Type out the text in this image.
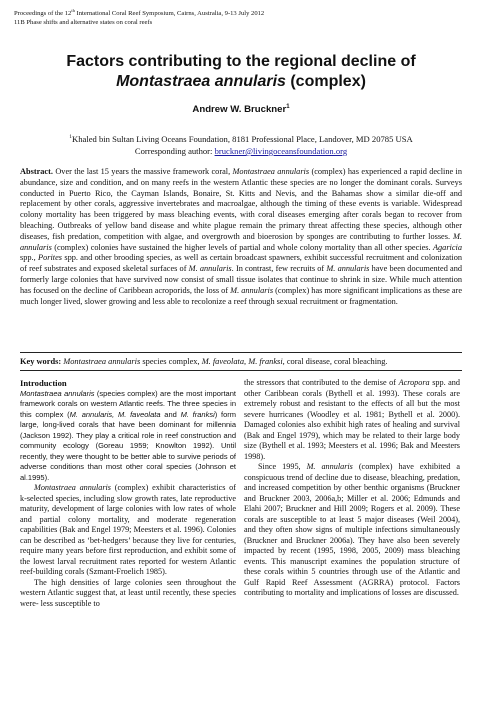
Proceedings of the 12th International Coral Reef Symposium, Cairns, Australia, 9-13 July 2012
11B Phase shifts and alternative states on coral reefs
Factors contributing to the regional decline of
Montastraea annularis (complex)
Andrew W. Bruckner$^1$
$^1$Khaled bin Sultan Living Oceans Foundation, 8181 Professional Place, Landover, MD 20785 USA
Corresponding author: bruckner@livingoceansfoundation.org

Abstract. Over the last 15 years the massive framework coral, Montastraea annularis (complex) has experienced a rapid decline in abundance, size and condition, and on many reefs in the western Atlantic these species are no longer the dominant corals. Surveys conducted in Puerto Rico, the Cayman Islands, Bonaire, St. Kitts and Nevis, and the Bahamas show a similar die-off and replacement by other corals, aggressive invertebrates and macroalgae, although the timing of these events is variable. Widespread colony mortality has been triggered by mass bleaching events, with coral diseases emerging after corals began to recover from bleaching. Outbreaks of yellow band disease and white plague remain the primary threat affecting these species, although other diseases, fish predation, competition with algae, and overgrowth and bioerosion by sponges are contributing to further losses. M. annularis (complex) colonies have sustained the higher levels of partial and whole colony mortality than all other species. Agaricia spp., Porites spp. and other brooding species, as well as certain broadcast spawners, exhibit successful recruitment and colonization of reef substrates and exposed skeletal surfaces of M. annularis. In contrast, few recruits of M. annularis have been documented and formerly large colonies that have survived now consist of small tissue isolates that continue to shrink in size. While much attention has focused on the decline of Caribbean acroporids, the loss of M. annularis (complex) has more significant implications as these are much longer lived, slower growing and less able to recolonize a reef through sexual recruitment or fragmentation.

Key words: Montastraea annularis species complex, M. faveolata, M. franksi, coral disease, coral bleaching.

Introduction

Montastraea annularis (species complex) are the most important framework corals on western Atlantic reefs. The three species in this complex (M. annularis, M. faveolata and M. franksi) form large, long-lived corals that have been dominant for millennia (Jackson 1992). They play a critical role in reef construction and community ecology (Goreau 1959; Knowlton 1992). Until recently, they were thought to be better able to survive periods of adverse conditions than most other coral species (Johnson et al.1995).

Montastraea annularis (complex) exhibit characteristics of k-selected species, including slow growth rates, late reproductive maturity, development of large colonies with low rates of whole and partial colony mortality, and moderate regeneration capabilities (Bak and Engel 1979; Meesters et al. 1996). Colonies can be described as ‘bet-hedgers’ because they live for centuries, require many years before first reproduction, and exhibit some of the lowest larval recruitment rates reported for western Atlantic reef-building corals (Szmant-Froelich 1985).

The high densities of large colonies seen throughout the western Atlantic suggest that, at least until recently, these species were- less susceptible to

the stressors that contributed to the demise of Acropora spp. and other Caribbean corals (Bythell et al. 1993). These corals are extremely robust and resistant to the effects of all but the most severe hurricanes (Woodley et al. 1981; Bythell et al. 2000). Damaged colonies also exhibit high rates of healing and survival (Bak and Engel 1979), which may be related to their large body size (Bythell et al. 1993; Meesters et al. 1996; Bak and Meesters 1998).

Since 1995, M. annularis (complex) have exhibited a conspicuous trend of decline due to disease, bleaching, predation, and increased competition by other benthic organisms (Bruckner and Bruckner 2003, 2006a,b; Miller et al. 2006; Edmunds and Elahi 2007; Bruckner and Hill 2009; Rogers et al. 2009). These corals are susceptible to at least 5 major diseases (Weil 2004), and they often show signs of multiple infections simultaneously (Bruckner and Bruckner 2006a). They have also been severely impacted by recent (1995, 1998, 2005, 2009) mass bleaching events. This manuscript examines the population structure of these corals within 5 countries through use of the Atlantic and Gulf Rapid Reef Assessment (AGRRA) protocol. Factors contributing to mortality and implications of losses are discussed.
